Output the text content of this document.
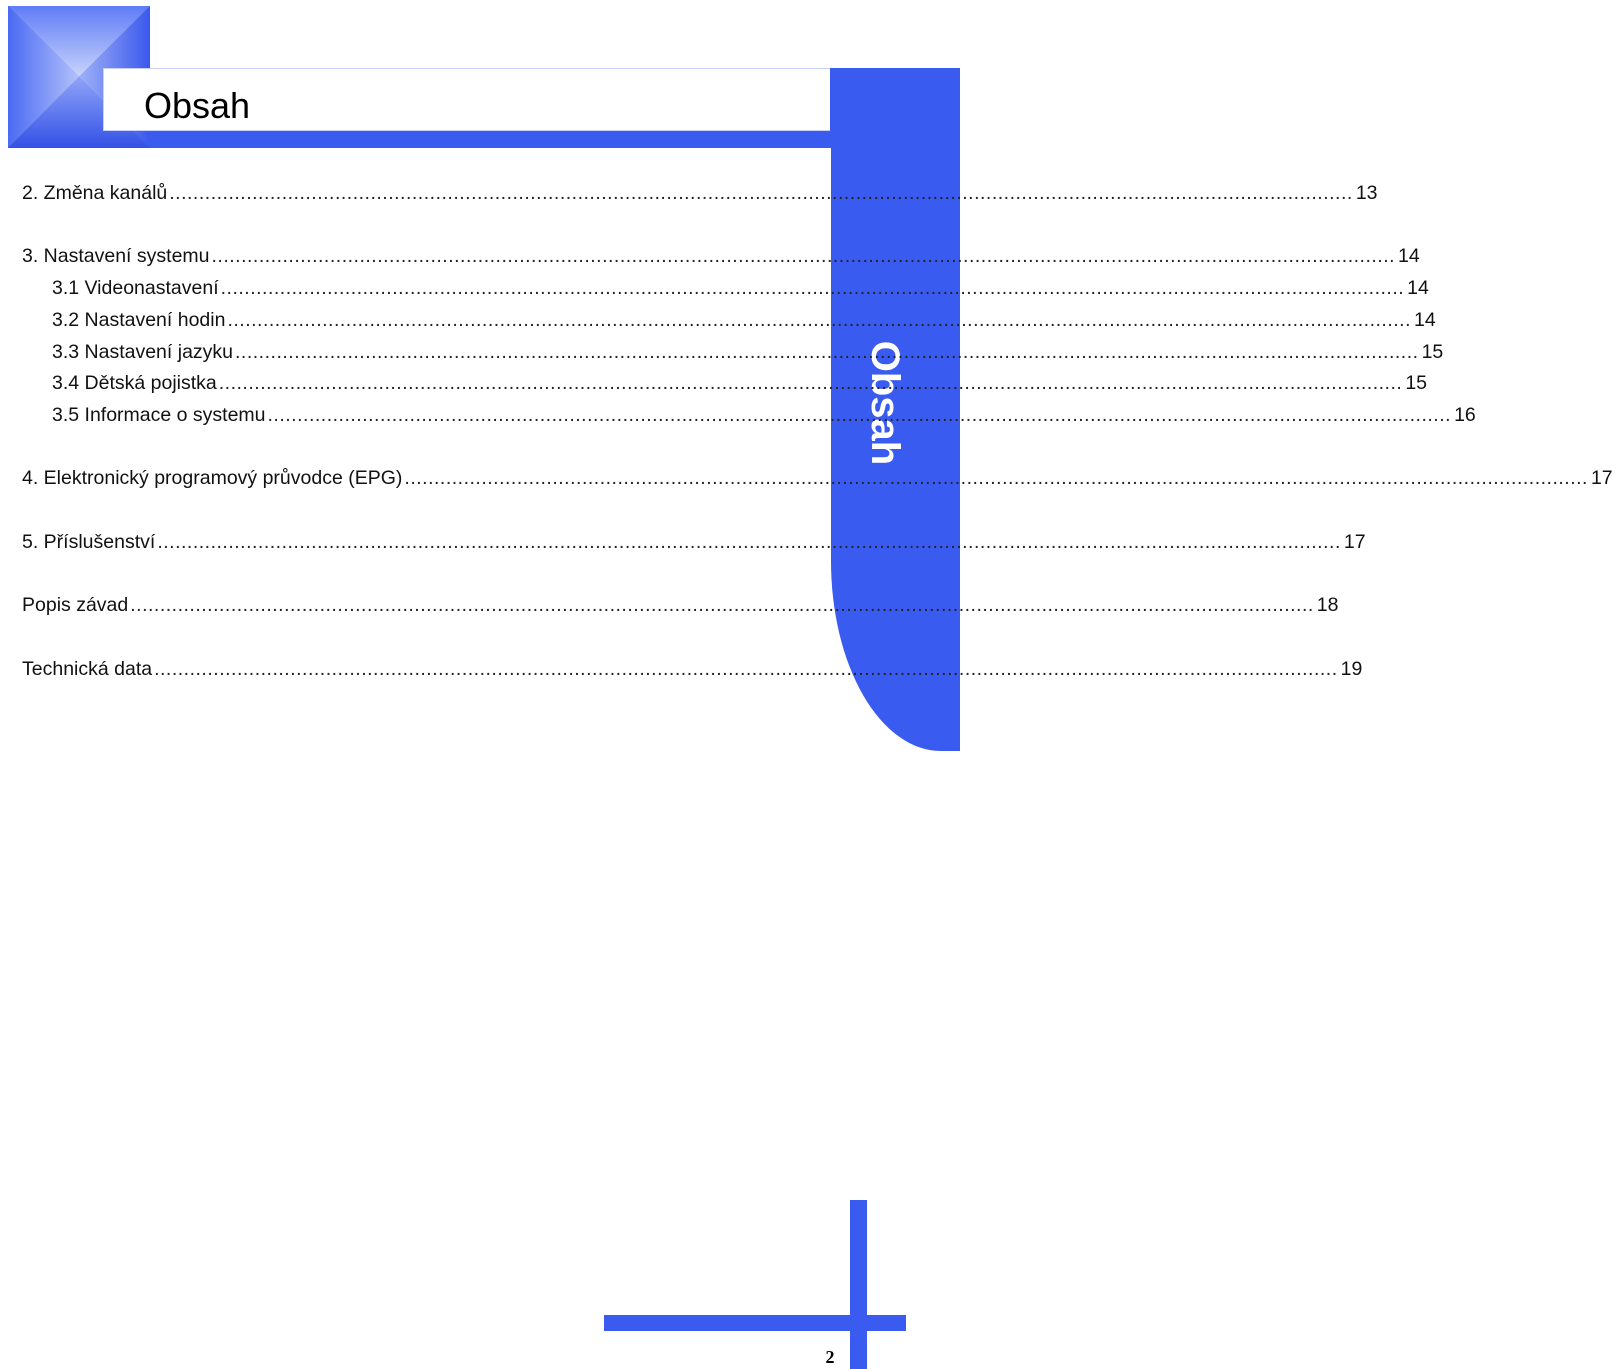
Obsah
Obsah
2. Změna kanálů ........................................................................................................................................................................................................ 13
3. Nastavení systemu ........................................................................................................................................................................................................ 14
3.1 Videonastavení ........................................................................................................................................................................................................ 14
3.2 Nastavení hodin ........................................................................................................................................................................................................ 14
3.3 Nastavení jazyku ........................................................................................................................................................................................................ 15
3.4 Dětská pojistka ........................................................................................................................................................................................................ 15
3.5 Informace o systemu ........................................................................................................................................................................................................ 16
4. Elektronický programový průvodce (EPG) ........................................................................................................................................................................................................ 17
5. Příslušenství ........................................................................................................................................................................................................ 17
Popis závad ........................................................................................................................................................................................................ 18
Technická data ........................................................................................................................................................................................................ 19
2
